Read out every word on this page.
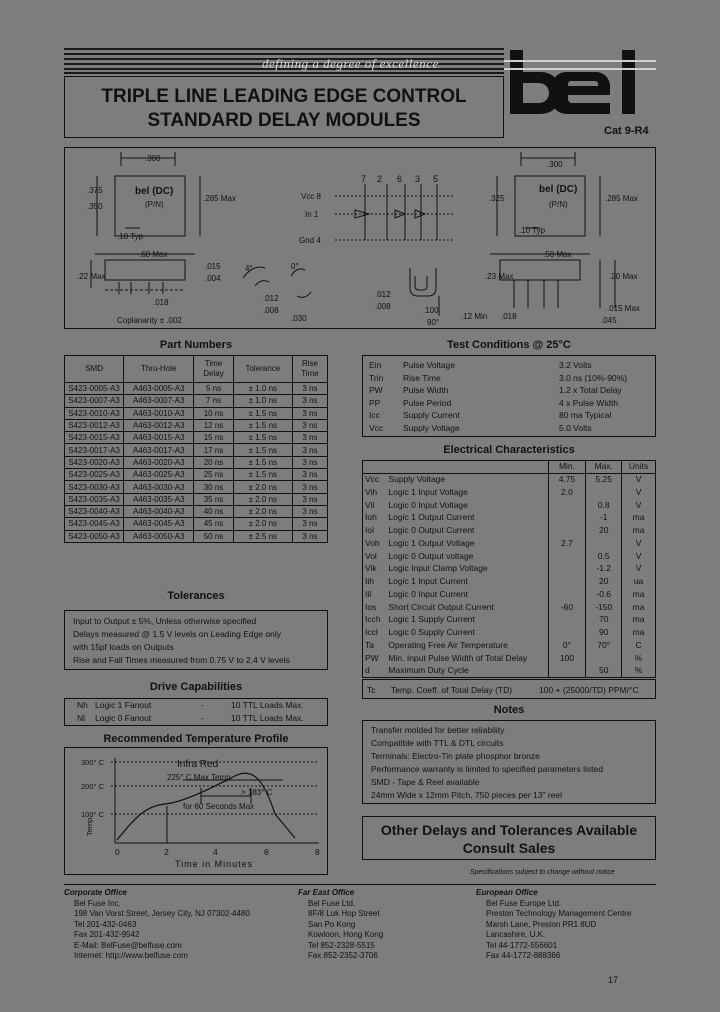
defining a degree of excellence
TRIPLE LINE LEADING EDGE CONTROL
STANDARD DELAY MODULES	Cat 9-R4
.300
.375
.350
bel (DC)
(P/N)
.285 Max
.10 Typ
.60 Max
.22 Max
.015
.004
.018
Coplanarity ± .002
4°	0°
.012
.008
.030
7 2 6 3 5
Vcc 8
In 1
Gnd 4
.012
.008	.100
90°
.300
.325
bel (DC)
(P/N)
.285 Max
.10 Typ
.50 Max
.23 Max	.20 Max
.12 Min .018
.015 Max
.045
Part Numbers
SMD	Thru-Hole	Time Delay	Tolerance	Rise Time
S423-0005-A3	A463-0005-A3	5 ns	± 1.0 ns	3 ns
S423-0007-A3	A463-0007-A3	7 ns	± 1.0 ns	3 ns
S423-0010-A3	A463-0010-A3	10 ns	± 1.5 ns	3 ns
S423-0012-A3	A463-0012-A3	12 ns	± 1.5 ns	3 ns
S423-0015-A3	A463-0015-A3	15 ns	± 1.5 ns	3 ns
S423-0017-A3	A463-0017-A3	17 ns	± 1.5 ns	3 ns
S423-0020-A3	A463-0020-A3	20 ns	± 1.5 ns	3 ns
S423-0025-A3	A463-0025-A3	25 ns	± 1.5 ns	3 ns
S423-0030-A3	A463-0030-A3	30 ns	± 2.0 ns	3 ns
S423-0035-A3	A463-0035-A3	35 ns	± 2.0 ns	3 ns
S423-0040-A3	A463-0040-A3	40 ns	± 2.0 ns	3 ns
S423-0045-A3	A463-0045-A3	45 ns	± 2.0 ns	3 ns
S423-0050-A3	A463-0050-A3	50 ns	± 2.5 ns	3 ns
Tolerances
Input to Output ± 5%, Unless otherwise specified
Delays measured @ 1.5 V levels on Leading Edge only
with 15pf loads on Outputs
Rise and Fall Times measured from 0.75 V to 2.4 V levels
Drive Capabilities
Nh Logic 1 Fanout	-	10 TTL Loads Max.
Nl Logic 0 Fanout	-	10 TTL Loads Max.
Recommended Temperature Profile
300° C
200° C
100° C
Temp.
0	2	4	6	8
Time in Minutes
Infra Red
225° C Max Temp.
> 183° C
for 60 Seconds Max
Test Conditions @ 25°C
Ein	Pulse Voltage	3.2 Volts
Trin Rise Time	3.0 ns (10%-90%)
PW Pulse Width	1.2 x Total Delay
PP	Pulse Period	4 x Pulse Width
Icc	Supply Current	80 ma Typical
Vcc Supply Voltage	5.0 Volts
Electrical Characteristics
		Min.	Max.	Units
Vcc	Supply Voltage	4.75	5.25	V
Vih	Logic 1 Input Voltage	2.0		V
Vil	Logic 0 Input Voltage		0.8	V
Ioh	Logic 1 Output Current		-1	ma
Iol	Logic 0 Output Current		20	ma
Voh	Logic 1 Output Voltage	2.7		V
Vol	Logic 0 Output voltage		0.5	V
Vik	Logic Input Clamp Voltage		-1.2	V
Iih	Logic 1 Input Current		20	ua
Iil	Logic 0 Input Current		-0.6	ma
Ios	Short Circuit Output Current	-60	-150	ma
Icch	Logic 1 Supply Current		70	ma
Iccl	Logic 0 Supply Current		90	ma
Ta	Operating Free Air Temperature	0°	70°	C
PW	Min. Input Pulse Width of Total Delay	100		%
d	Maximum Duty Cycle		50	%
Tc Temp. Coeff. of Total Delay (TD)	100 + (25000/TD) PPM/°C
Notes
Transfer molded for better reliability
Compatible with TTL & DTL circuits
Terminals: Electro-Tin plate phosphor bronze
Performance warranty is limited to specified parameters listed
SMD - Tape & Reel available
24mm Wide x 12mm Pitch, 750 pieces per 13" reel
Other Delays and Tolerances Available
Consult Sales
Specifications subject to change without notice
Corporate Office
Bel Fuse Inc.
198 Van Vorst Street, Jersey City, NJ 07302-4480
Tel 201-432-0463
Fax 201-432-9542
E-Mail: BelFuse@belfuse.com
Internet: http://www.belfuse.com
Far East Office
Bel Fuse Ltd.
8F/8 Luk Hop Street
San Po Kong
Kowloon, Hong Kong
Tel 852-2328-5515
Fax 852-2352-3706
European Office
Bel Fuse Europe Ltd.
Preston Technology Management Centre
Marsh Lane, Preston PR1 8UD
Lancashire, U.K.
Tel 44-1772-556601
Fax 44-1772-888366
17
